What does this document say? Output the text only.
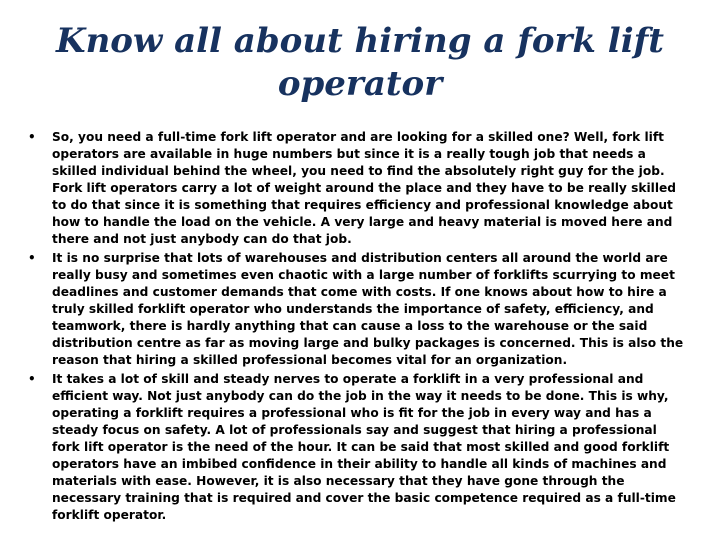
Know all about hiring a fork lift operator
• So, you need a full-time fork lift operator and are looking for a skilled one? Well, fork lift operators are available in huge numbers but since it is a really tough job that needs a skilled individual behind the wheel, you need to find the absolutely right guy for the job. Fork lift operators carry a lot of weight around the place and they have to be really skilled to do that since it is something that requires efficiency and professional knowledge about how to handle the load on the vehicle. A very large and heavy material is moved here and there and not just anybody can do that job.
• It is no surprise that lots of warehouses and distribution centers all around the world are really busy and sometimes even chaotic with a large number of forklifts scurrying to meet deadlines and customer demands that come with costs. If one knows about how to hire a truly skilled forklift operator who understands the importance of safety, efficiency, and teamwork, there is hardly anything that can cause a loss to the warehouse or the said distribution centre as far as moving large and bulky packages is concerned. This is also the reason that hiring a skilled professional becomes vital for an organization.
• It takes a lot of skill and steady nerves to operate a forklift in a very professional and efficient way. Not just anybody can do the job in the way it needs to be done. This is why, operating a forklift requires a professional who is fit for the job in every way and has a steady focus on safety. A lot of professionals say and suggest that hiring a professional fork lift operator is the need of the hour. It can be said that most skilled and good forklift operators have an imbibed confidence in their ability to handle all kinds of machines and materials with ease. However, it is also necessary that they have gone through the necessary training that is required and cover the basic competence required as a full-time forklift operator.
